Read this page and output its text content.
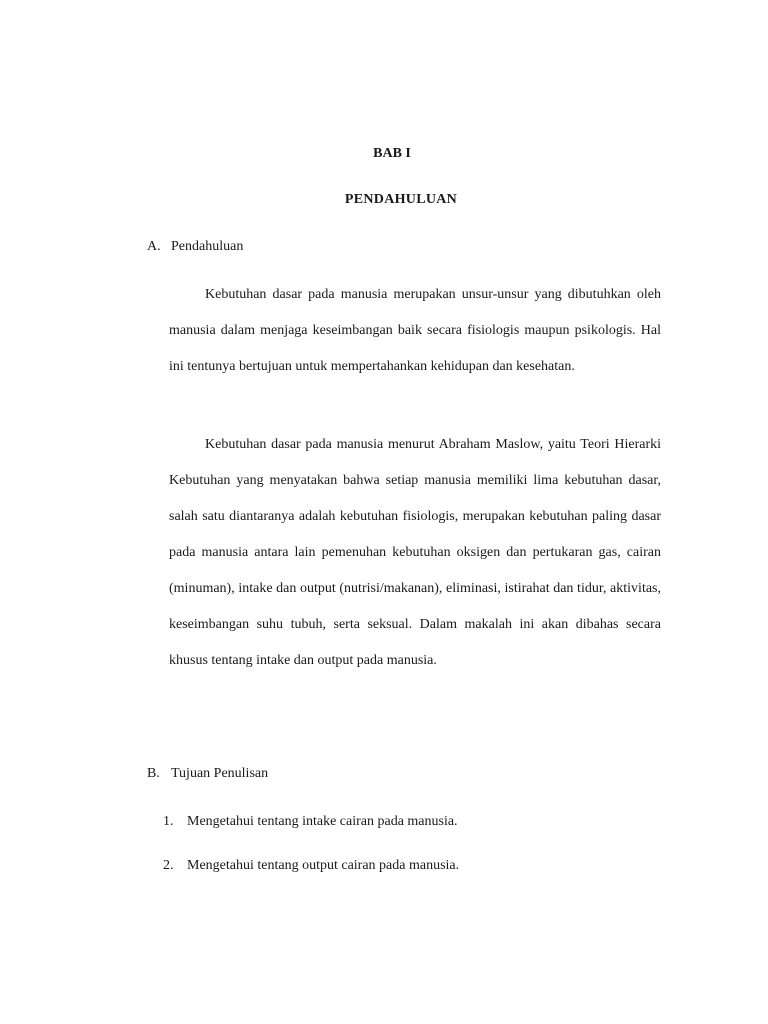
BAB I
PENDAHULUAN
A. Pendahuluan

Kebutuhan dasar pada manusia merupakan unsur-unsur yang dibutuhkan oleh manusia dalam menjaga keseimbangan baik secara fisiologis maupun psikologis. Hal ini tentunya bertujuan untuk mempertahankan kehidupan dan kesehatan.

Kebutuhan dasar pada manusia menurut Abraham Maslow, yaitu Teori Hierarki Kebutuhan yang menyatakan bahwa setiap manusia memiliki lima kebutuhan dasar, salah satu diantaranya adalah kebutuhan fisiologis, merupakan kebutuhan paling dasar pada manusia antara lain pemenuhan kebutuhan oksigen dan pertukaran gas, cairan (minuman), intake dan output (nutrisi/makanan), eliminasi, istirahat dan tidur, aktivitas, keseimbangan suhu tubuh, serta seksual. Dalam makalah ini akan dibahas secara khusus tentang intake dan output pada manusia.

B. Tujuan Penulisan
1. Mengetahui tentang intake cairan pada manusia.
2. Mengetahui tentang output cairan pada manusia.
